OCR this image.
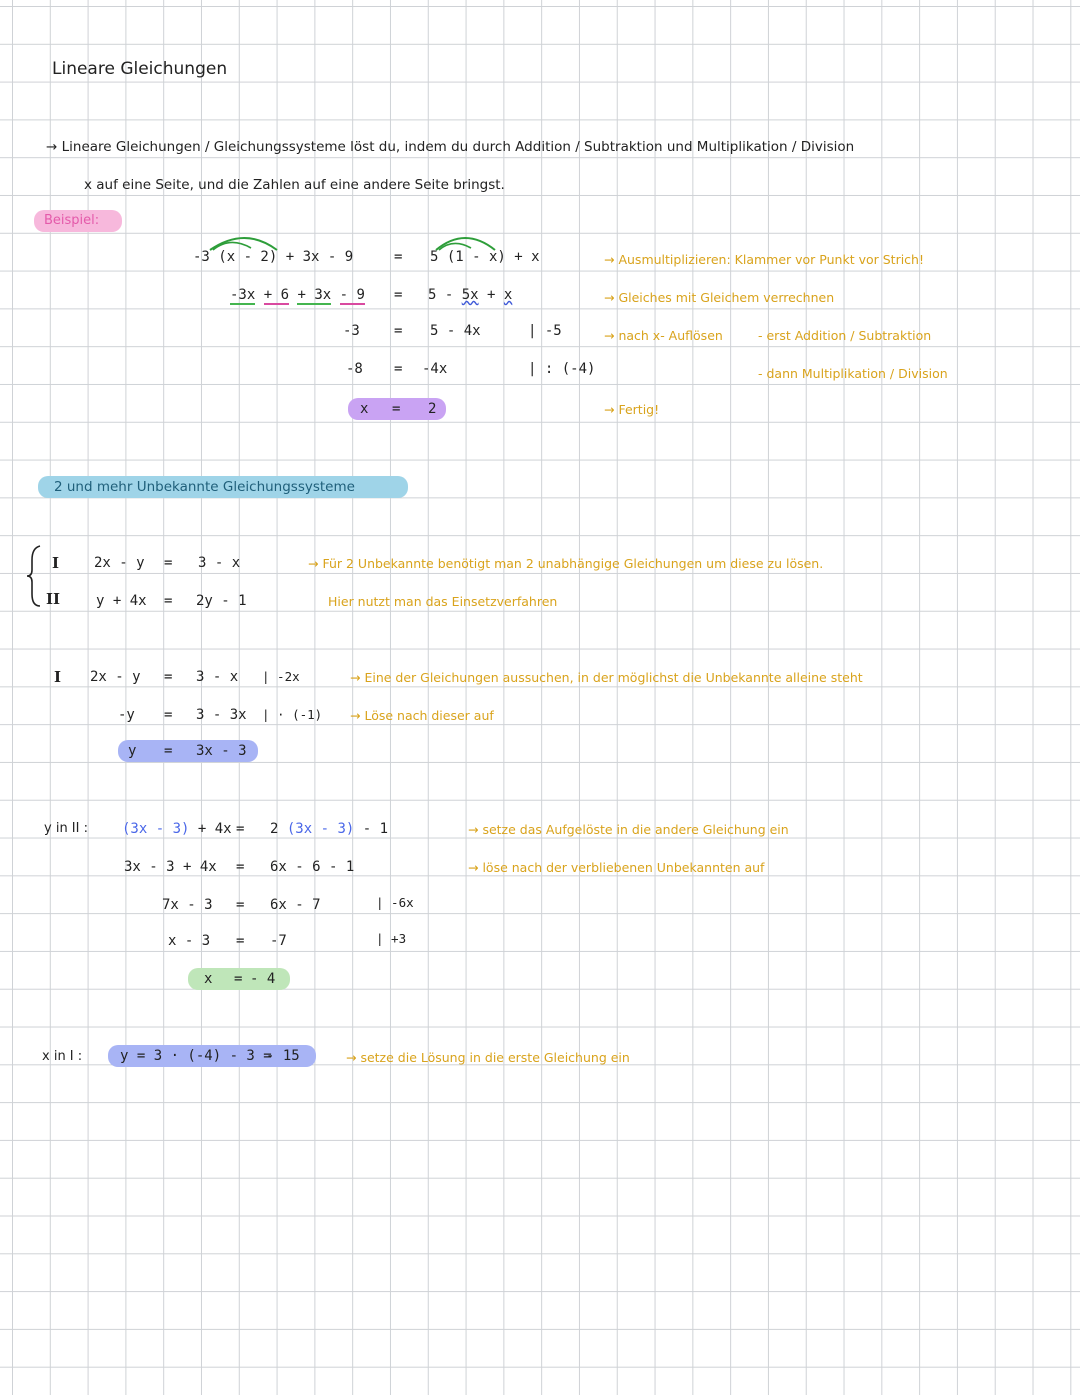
Lineare Gleichungen
→ Lineare Gleichungen / Gleichungssysteme löst du, indem du durch Addition / Subtraktion und Multiplikation / Division
x auf eine Seite, und die Zahlen auf eine andere Seite bringst.
Beispiel:
-3 (x - 2) + 3x - 9	= 5 (1 - x) + x
-3x + 6 + 3x - 9 = 5 - 5x + x
-3 = 5 - 4x	| -5
-8 = -4x	| : (-4)
x = 2
→ Ausmultiplizieren: Klammer vor Punkt vor Strich!
→ Gleiches mit Gleichem verrechnen
→ nach x- Auflösen	- erst Addition / Subtraktion
- dann Multiplikation / Division
→ Fertig!
2 und mehr Unbekannte Gleichungssysteme
I 2x - y = 3 - x
II	y + 4x = 2y - 1
→ Für 2 Unbekannte benötigt man 2 unabhängige Gleichungen um diese zu lösen.
Hier nutzt man das Einsetzverfahren
I 2x - y = 3 - x | -2x
-y = 3 - 3x | · (-1)
y = 3x - 3
→ Eine der Gleichungen aussuchen, in der möglichst die Unbekannte alleine steht
→ Löse nach dieser auf
y in II : (3x - 3) + 4x = 2 (3x - 3) - 1
3x - 3 + 4x = 6x - 6 - 1
7x - 3 = 6x - 7	| -6x
x - 3 = -7	| +3
x = - 4
→ setze das Aufgelöste in die andere Gleichung ein
→ löse nach der verbliebenen Unbekannten auf
x in I :	y = 3 · (-4) - 3 =
- 15	→ setze die Lösung in die erste Gleichung ein
